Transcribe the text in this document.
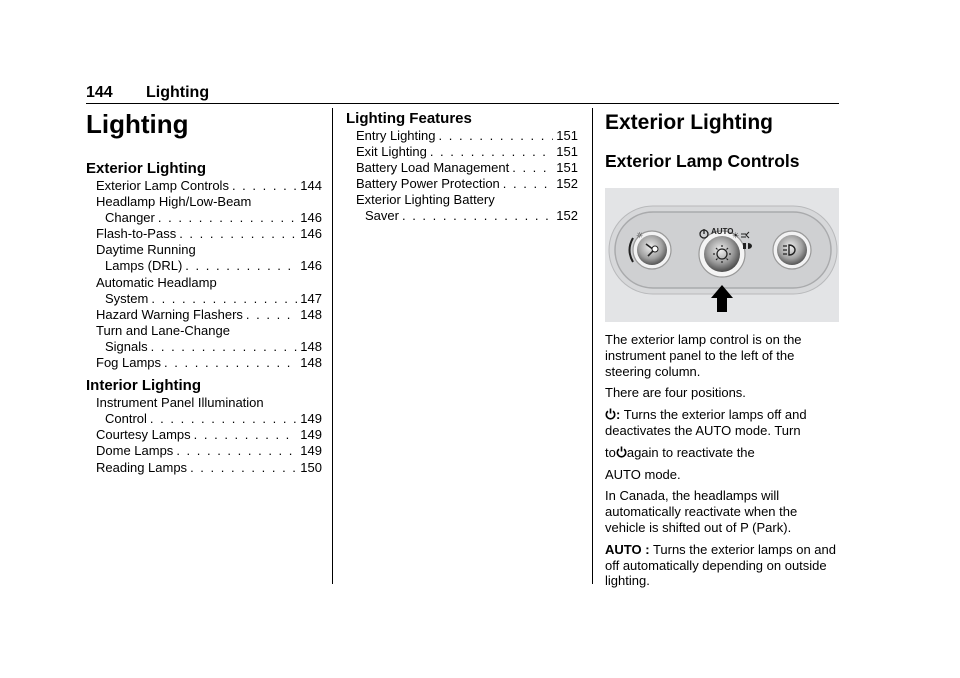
144 Lighting
Lighting
Exterior Lighting
Exterior Lamp Controls . . .	144
Headlamp High/Low-Beam
Changer . . .	146
Flash-to-Pass . . .	146
Daytime Running
Lamps (DRL) . . .	146
Automatic Headlamp
System . . .	147
Hazard Warning Flashers . . .	148
Turn and Lane-Change
Signals . . .	148
Fog Lamps . . .	148
Interior Lighting
Instrument Panel Illumination
Control . . .	149
Courtesy Lamps . . .	149
Dome Lamps . . .	149
Reading Lamps . . .	150
Lighting Features
Entry Lighting . . .	151
Exit Lighting . . .	151
Battery Load Management . . .	151
Battery Power Protection . . .	152
Exterior Lighting Battery
Saver . . .	152
Exterior Lighting
Exterior Lamp Controls
☼	AUTO
☀
The exterior lamp control is on the instrument panel to the left of the steering column.
There are four positions.
: Turns the exterior lamps off and deactivates the AUTO mode. Turn
to again to reactivate the
AUTO mode.
In Canada, the headlamps will automatically reactivate when the vehicle is shifted out of P (Park).
AUTO : Turns the exterior lamps on and off automatically depending on outside lighting.
